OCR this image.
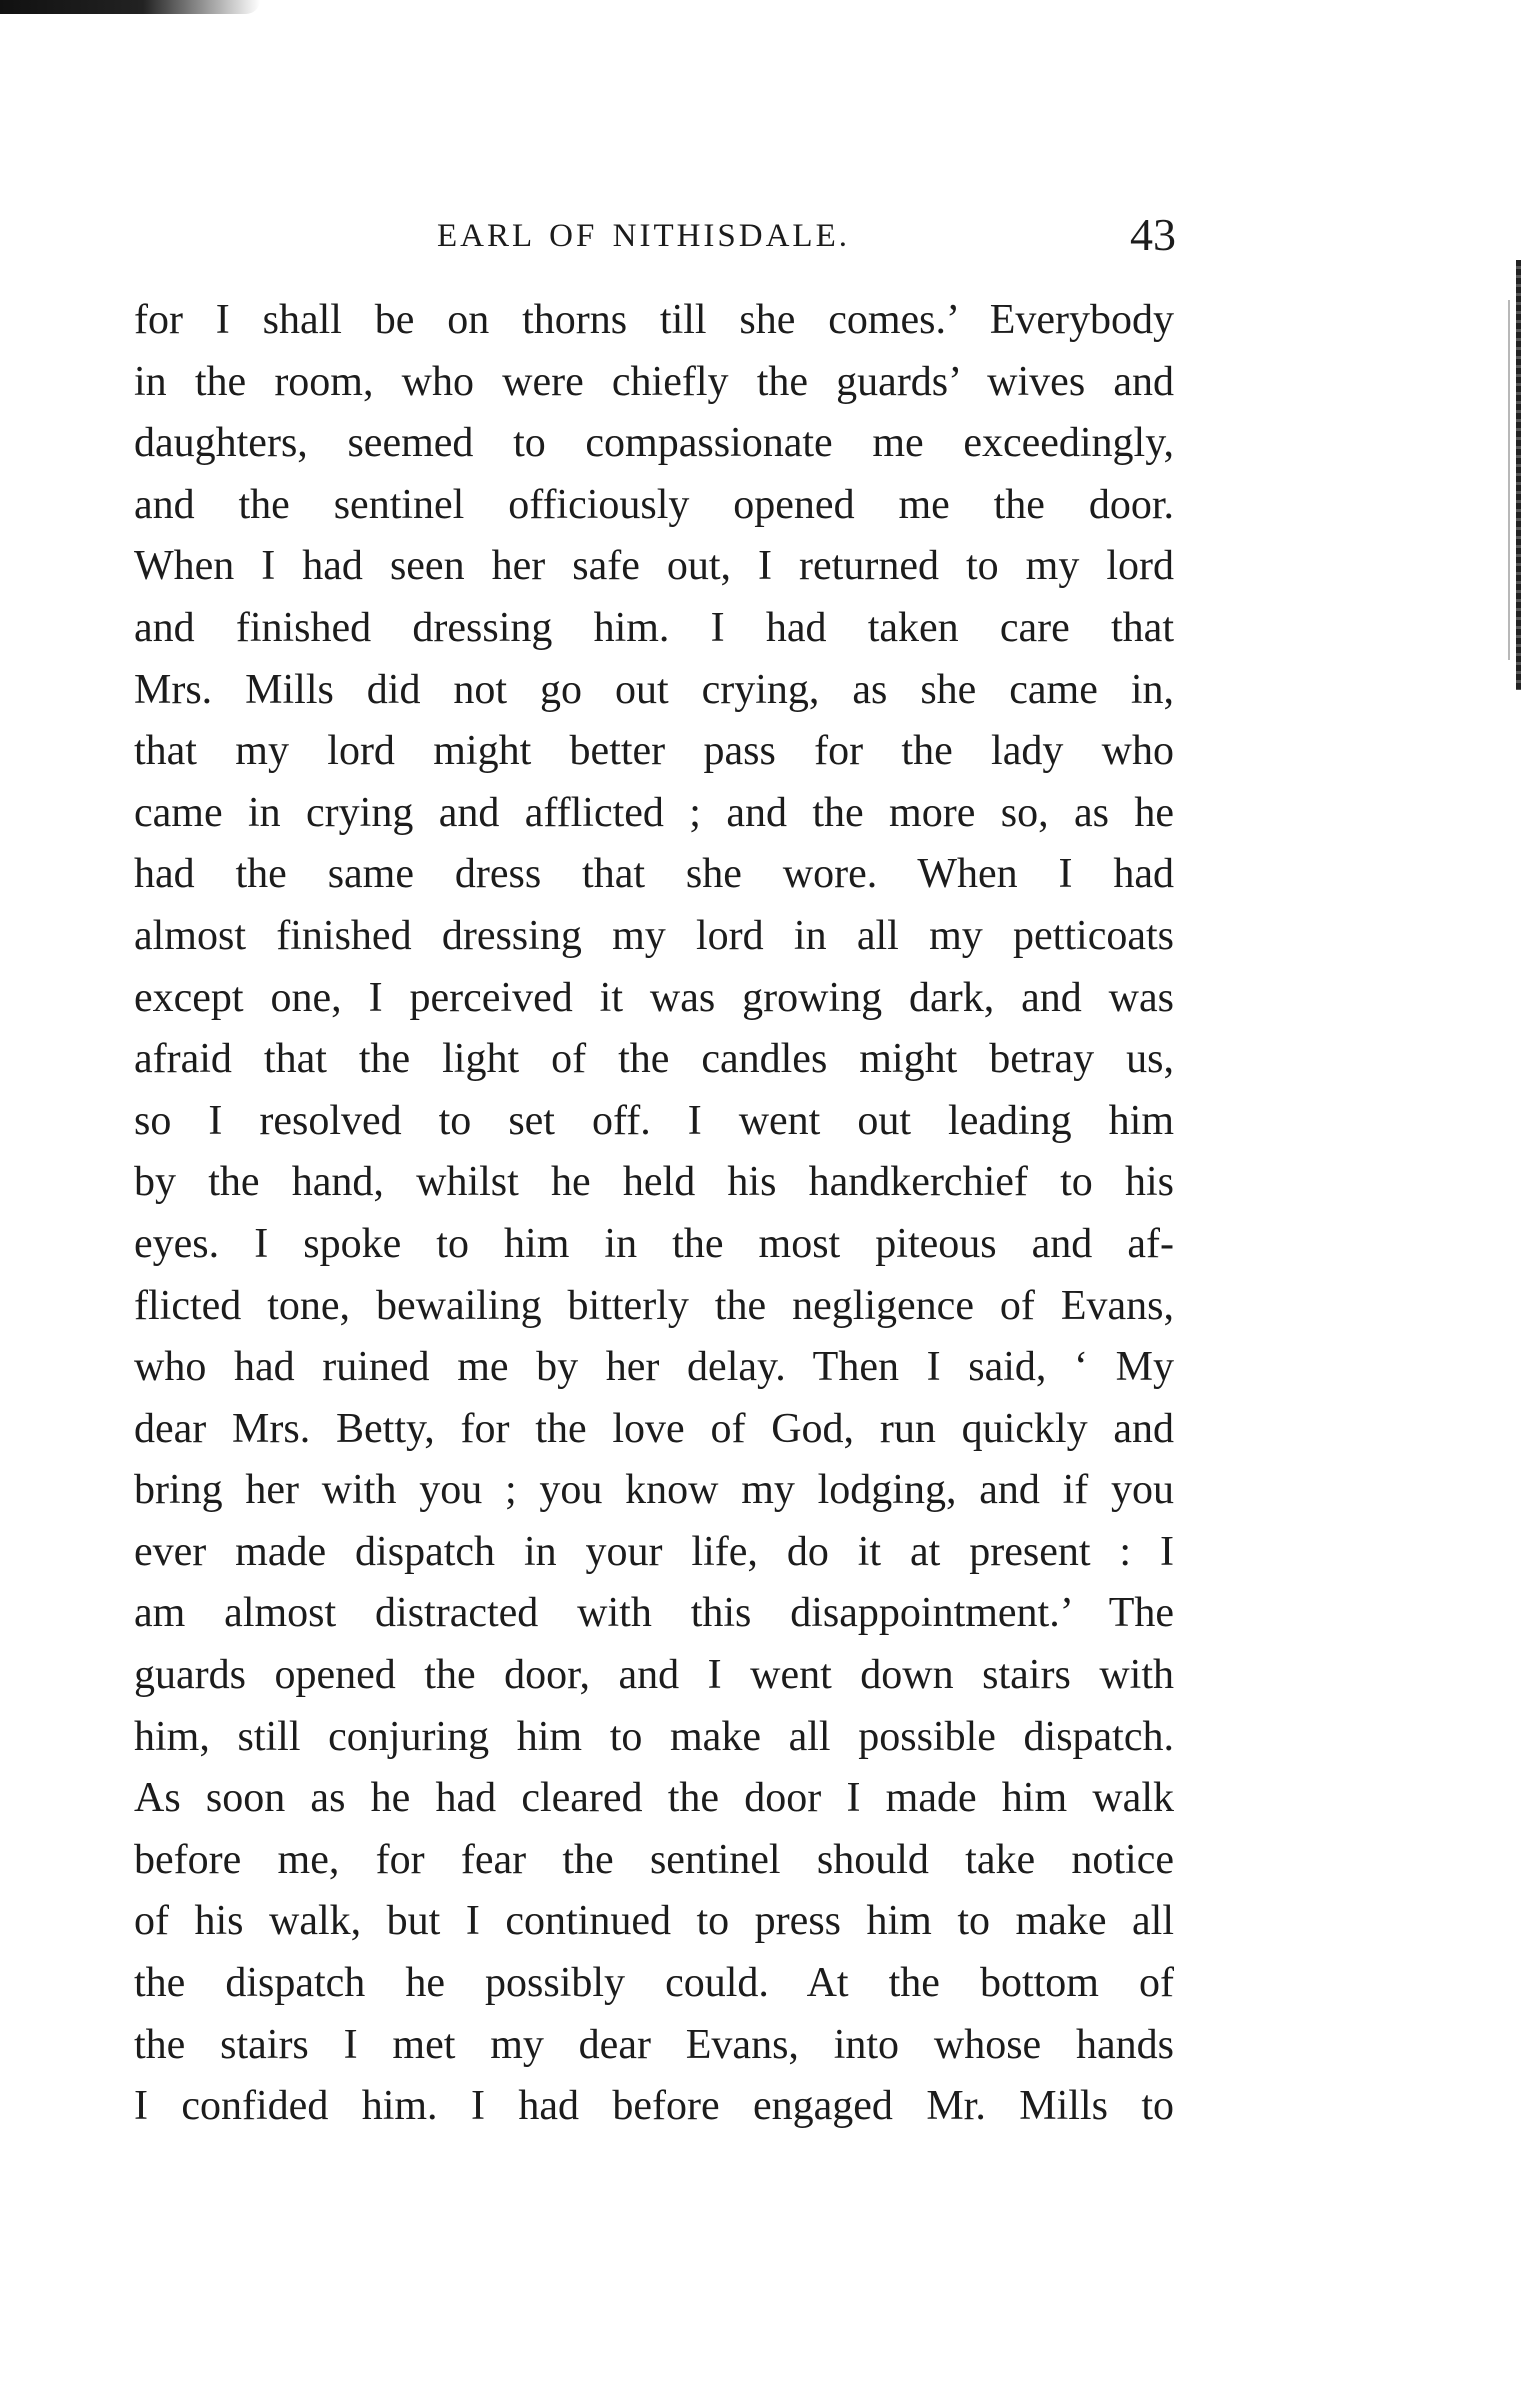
EARL OF NITHISDALE.	43
for I shall be on thorns till she comes.’ Everybody
in the room, who were chiefly the guards’ wives and
daughters, seemed to compassionate me exceedingly,
and the sentinel officiously opened me the door.
When I had seen her safe out, I returned to my lord
and finished dressing him. I had taken care that
Mrs. Mills did not go out crying, as she came in,
that my lord might better pass for the lady who
came in crying and afflicted ; and the more so, as he
had the same dress that she wore. When I had
almost finished dressing my lord in all my petticoats
except one, I perceived it was growing dark, and was
afraid that the light of the candles might betray us,
so I resolved to set off. I went out leading him
by the hand, whilst he held his handkerchief to his
eyes. I spoke to him in the most piteous and af-
flicted tone, bewailing bitterly the negligence of Evans,
who had ruined me by her delay. Then I said, ‘ My
dear Mrs. Betty, for the love of God, run quickly and
bring her with you ; you know my lodging, and if you
ever made dispatch in your life, do it at present : I
am almost distracted with this disappointment.’ The
guards opened the door, and I went down stairs with
him, still conjuring him to make all possible dispatch.
As soon as he had cleared the door I made him walk
before me, for fear the sentinel should take notice
of his walk, but I continued to press him to make all
the dispatch he possibly could. At the bottom of
the stairs I met my dear Evans, into whose hands
I confided him. I had before engaged Mr. Mills to
